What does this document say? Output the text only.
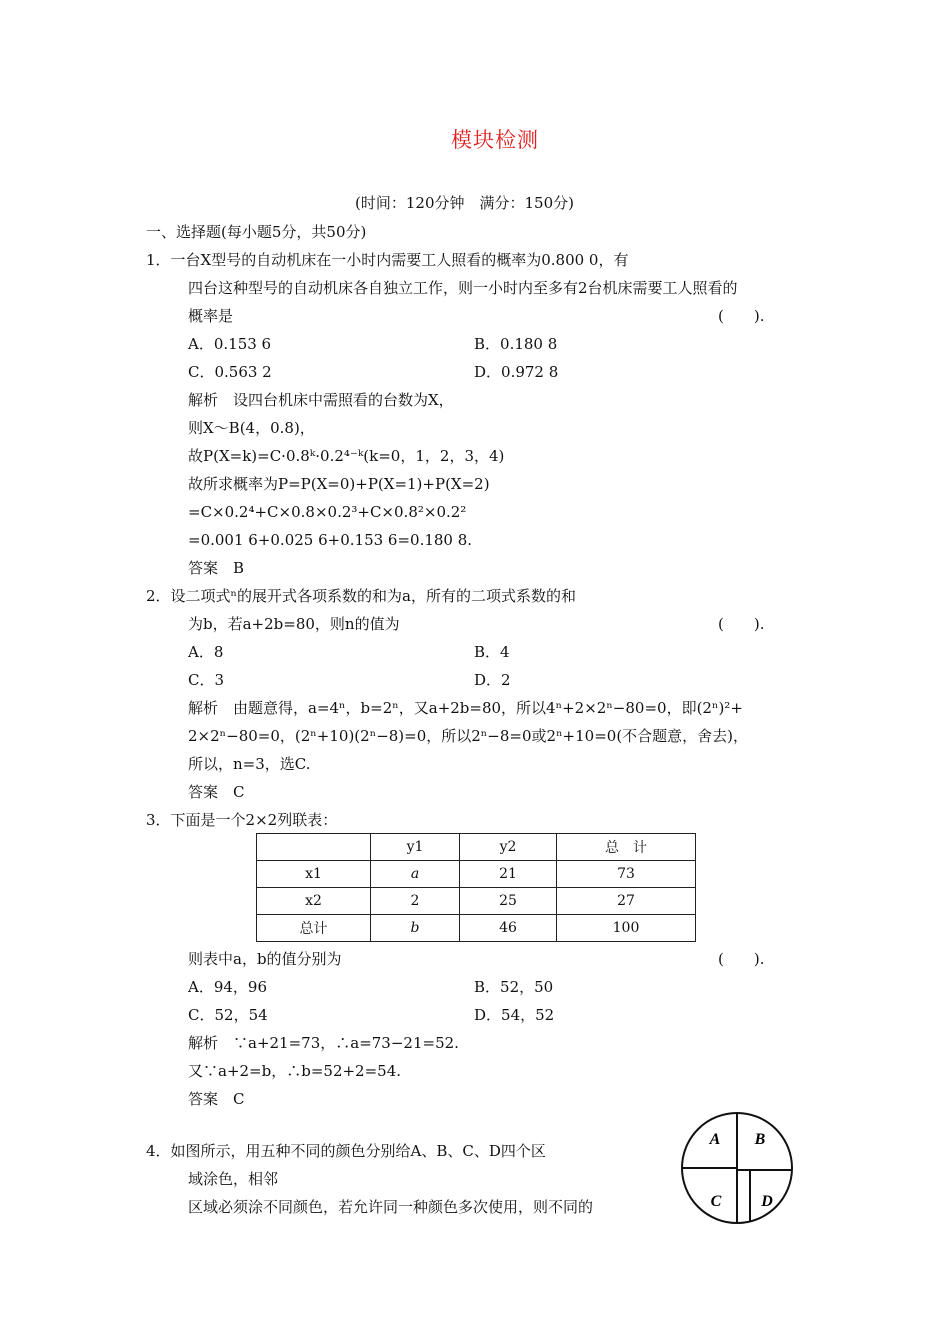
模块检测
(时间：120分钟　满分：150分)
一、选择题(每小题5分，共50分)
1．一台X型号的自动机床在一小时内需要工人照看的概率为0.800 0，有
四台这种型号的自动机床各自独立工作，则一小时内至多有2台机床需要工人照看的
概率是	(　　).
A．0.153 6	B．0.180 8
C．0.563 2	D．0.972 8
解析　设四台机床中需照看的台数为X，
则X～B(4，0.8)，
故P(X=k)=C·0.8ᵏ·0.2⁴⁻ᵏ(k=0，1，2，3，4)
故所求概率为P=P(X=0)+P(X=1)+P(X=2)
=C×0.2⁴+C×0.8×0.2³+C×0.8²×0.2²
=0.001 6+0.025 6+0.153 6=0.180 8.
答案　B
2．设二项式ⁿ的展开式各项系数的和为a，所有的二项式系数的和
为b，若a+2b=80，则n的值为	(　　).
A．8	B．4
C．3	D．2
解析　由题意得，a=4ⁿ，b=2ⁿ，又a+2b=80，所以4ⁿ+2×2ⁿ−80=0，即(2ⁿ)²+
2×2ⁿ−80=0，(2ⁿ+10)(2ⁿ−8)=0，所以2ⁿ−8=0或2ⁿ+10=0(不合题意，舍去)，
所以，n=3，选C.
答案　C
3．下面是一个2×2列联表：
	y1	y2	总　计
x1	a	21	73
x2	2	25	27
总计	b	46	100
则表中a，b的值分别为	(　　).
A．94，96	B．52，50
C．52，54	D．54，52
解析　∵a+21=73，∴a=73−21=52.
又∵a+2=b，∴b=52+2=54.
答案　C
4．如图所示，用五种不同的颜色分别给A、B、C、D四个区
域涂色，相邻
区域必须涂不同颜色，若允许同一种颜色多次使用，则不同的
A B
C D
